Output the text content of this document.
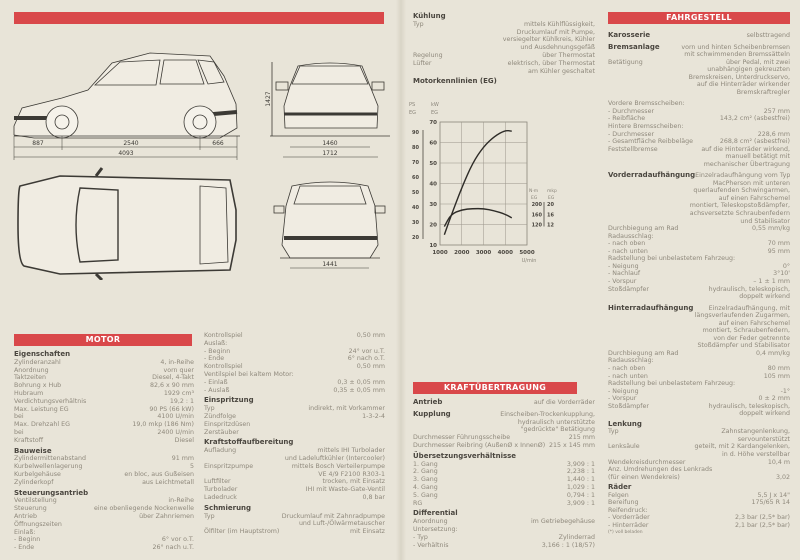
887	2540	666
4093
1427
1460
1712
1441
MOTOR
KRAFTÜBERTRAGUNG
FAHRGESTELL
Eigenschaften
Zylinderanzahl	4, in-Reihe
Anordnung	vorn quer
Taktzeiten	Diesel, 4-Takt
Bohrung x Hub	82,6 x 90 mm
Hubraum	1929 cm³
Verdichtungsverhältnis	19,2 : 1
Max. Leistung EG	90 PS (66 kW)
bei	4100 U/min
Max. Drehzahl EG	19,0 mkp (186 Nm)
bei	2400 U/min
Kraftstoff	Diesel
Bauweise
Zylindermittenabstand	91 mm
Kurbelwellenlagerung	5
Kurbelgehäuse	en bloc, aus Gußeisen
Zylinderkopf	aus Leichtmetall
Steuerungsantrieb
Ventilstellung	in-Reihe
Steuerung	eine obenliegende Nockenwelle
Antrieb	über Zahnriemen
Öffnungszeiten
Einlaß:
- Beginn	6° vor o.T.
- Ende	26° nach u.T.
Kontrollspiel	0,50 mm
Auslaß:
- Beginn	24° vor u.T.
- Ende	6° nach o.T.
Kontrollspiel	0,50 mm
Ventilspiel bei kaltem Motor:
- Einlaß	0,3 ± 0,05 mm
- Auslaß	0,35 ± 0,05 mm
Einspritzung
Typ	indirekt, mit Vorkammer
Zündfolge	1-3-2-4
Einspritzdüsen
Zerstäuber
Kraftstoffaufbereitung
Aufladung	mittels IHI Turbolader
und Ladeluftkühler (Intercooler)
Einspritzpumpe	mittels Bosch Verteilerpumpe
VE 4/9 F2100 R303-1
Luftfilter	trocken, mit Einsatz
Turbolader	IHI mit Waste-Gate-Ventil
Ladedruck	0,8 bar
Schmierung
Typ	Druckumlauf mit Zahnradpumpe
und Luft-/Ölwärmetauscher
Ölfilter (im Hauptstrom)	mit Einsatz
Kühlung
Typ	mittels Kühlflüssigkeit,
Druckumlauf mit Pumpe,
versiegelter Kühlkreis, Kühler
und Ausdehnungsgefäß
Regelung	über Thermostat
Lüfter	elektrisch, über Thermostat
am Kühler geschaltet
Motorkennlinien (EG)
Antrieb	auf die Vorderräder
Kupplung	Einscheiben-Trockenkupplung,
hydraulisch unterstützte
"gedrückte" Betätigung
Durchmesser Führungsscheibe	215 mm
Durchmesser Reibring (AußenØ x InnenØ) 215 x 145 mm
Übersetzungsverhältnisse
1. Gang	3,909 : 1
2. Gang	2,238 : 1
3. Gang	1,440 : 1
4. Gang	1,029 : 1
5. Gang	0,794 : 1
RG	3,909 : 1
Differential
Anordnung	im Getriebegehäuse
Untersetzung:
- Typ	Zylinderrad
- Verhältnis	3,166 : 1 (18/57)
Karosserie	selbsttragend
Bremsanlage	vorn und hinten Scheibenbremsen
mit schwimmenden Bremssätteln
Betätigung	über Pedal, mit zwei
unabhängigen gekreuzten
Bremskreisen, Unterdruckservo,
auf die Hinterräder wirkender
Bremskraftregler
Vordere Bremsscheiben:
- Durchmesser	257 mm
- Reibfläche	143,2 cm² (asbestfrei)
Hintere Bremsscheiben:
- Durchmesser	228,6 mm
- Gesamtfläche Reibbeläge	268,8 cm² (asbestfrei)
Feststellbremse	auf die Hinterräder wirkend,
manuell betätigt mit
mechanischer Übertragung
Vorderradaufhängung Einzelradaufhängung vom Typ
MacPherson mit unteren
querlaufenden Schwingarmen,
auf einen Fahrschemel
montiert, Teleskopstoßdämpfer,
achsversetzte Schraubenfedern
und Stabilisator
Durchbiegung am Rad	0,55 mm/kg
Radausschlag:
- nach oben	70 mm
- nach unten	95 mm
Radstellung bei unbelastetem Fahrzeug:
- Neigung	0°
- Nachlauf	3°10'
- Vorspur	– 1 ± 1 mm
Stoßdämpfer	hydraulisch, teleskopisch,
doppelt wirkend
Hinterradaufhängung Einzelradaufhängung, mit
längsverlaufenden Zugarmen,
auf einen Fahrschemel
montiert, Schraubenfedern,
von der Feder getrennte
Stoßdämpfer und Stabilisator
Durchbiegung am Rad	0,4 mm/kg
Radausschlag:
- nach oben	80 mm
- nach unten	105 mm
Radstellung bei unbelastetem Fahrzeug:
- Neigung	-1°
- Vorspur	0 ± 2 mm
Stoßdämpfer	hydraulisch, teleskopisch,
doppelt wirkend
Lenkung
Typ	Zahnstangenlenkung,
servounterstützt
Lenksäule	geteilt, mit 2 Kardangelenken,
in d. Höhe verstellbar
Wendekreisdurchmesser	10,4 m
Anz. Umdrehungen des Lenkrads
(für einen Wendekreis)	3,02
Räder
Felgen	5,5 J x 14"
Bereifung	175/65 R 14
Reifendruck:
- Vorderräder	2,3 bar (2,5* bar)
- Hinterräder	2,1 bar (2,5* bar)
(*) voll beladen
1000 2000 3000 4000 5000
U/min
10
20
30
40
50
60
70
kW
EG
PS
EG
20
30
40
50
60
70
80
90
N·m
EG
mkp
EG
200 20
160 16
120 12
